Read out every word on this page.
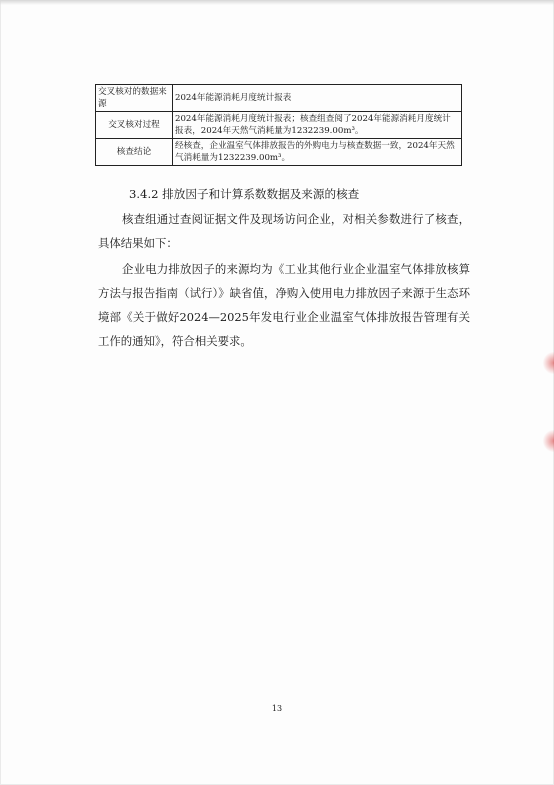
交叉核对的数据来源	2024年能源消耗月度统计报表
交叉核对过程	2024年能源消耗月度统计报表；核查组查阅了2024年能源消耗月度统计报表，2024年天然气消耗量为1232239.00m³。
核查结论	经核查，企业温室气体排放报告的外购电力与核查数据一致，2024年天然气消耗量为1232239.00m³。
3.4.2 排放因子和计算系数数据及来源的核查

核查组通过查阅证据文件及现场访问企业，对相关参数进行了核查，具体结果如下：

企业电力排放因子的来源均为《工业其他行业企业温室气体排放核算方法与报告指南（试行）》缺省值，净购入使用电力排放因子来源于生态环境部《关于做好2024—2025年发电行业企业温室气体排放报告管理有关工作的通知》，符合相关要求。

13
